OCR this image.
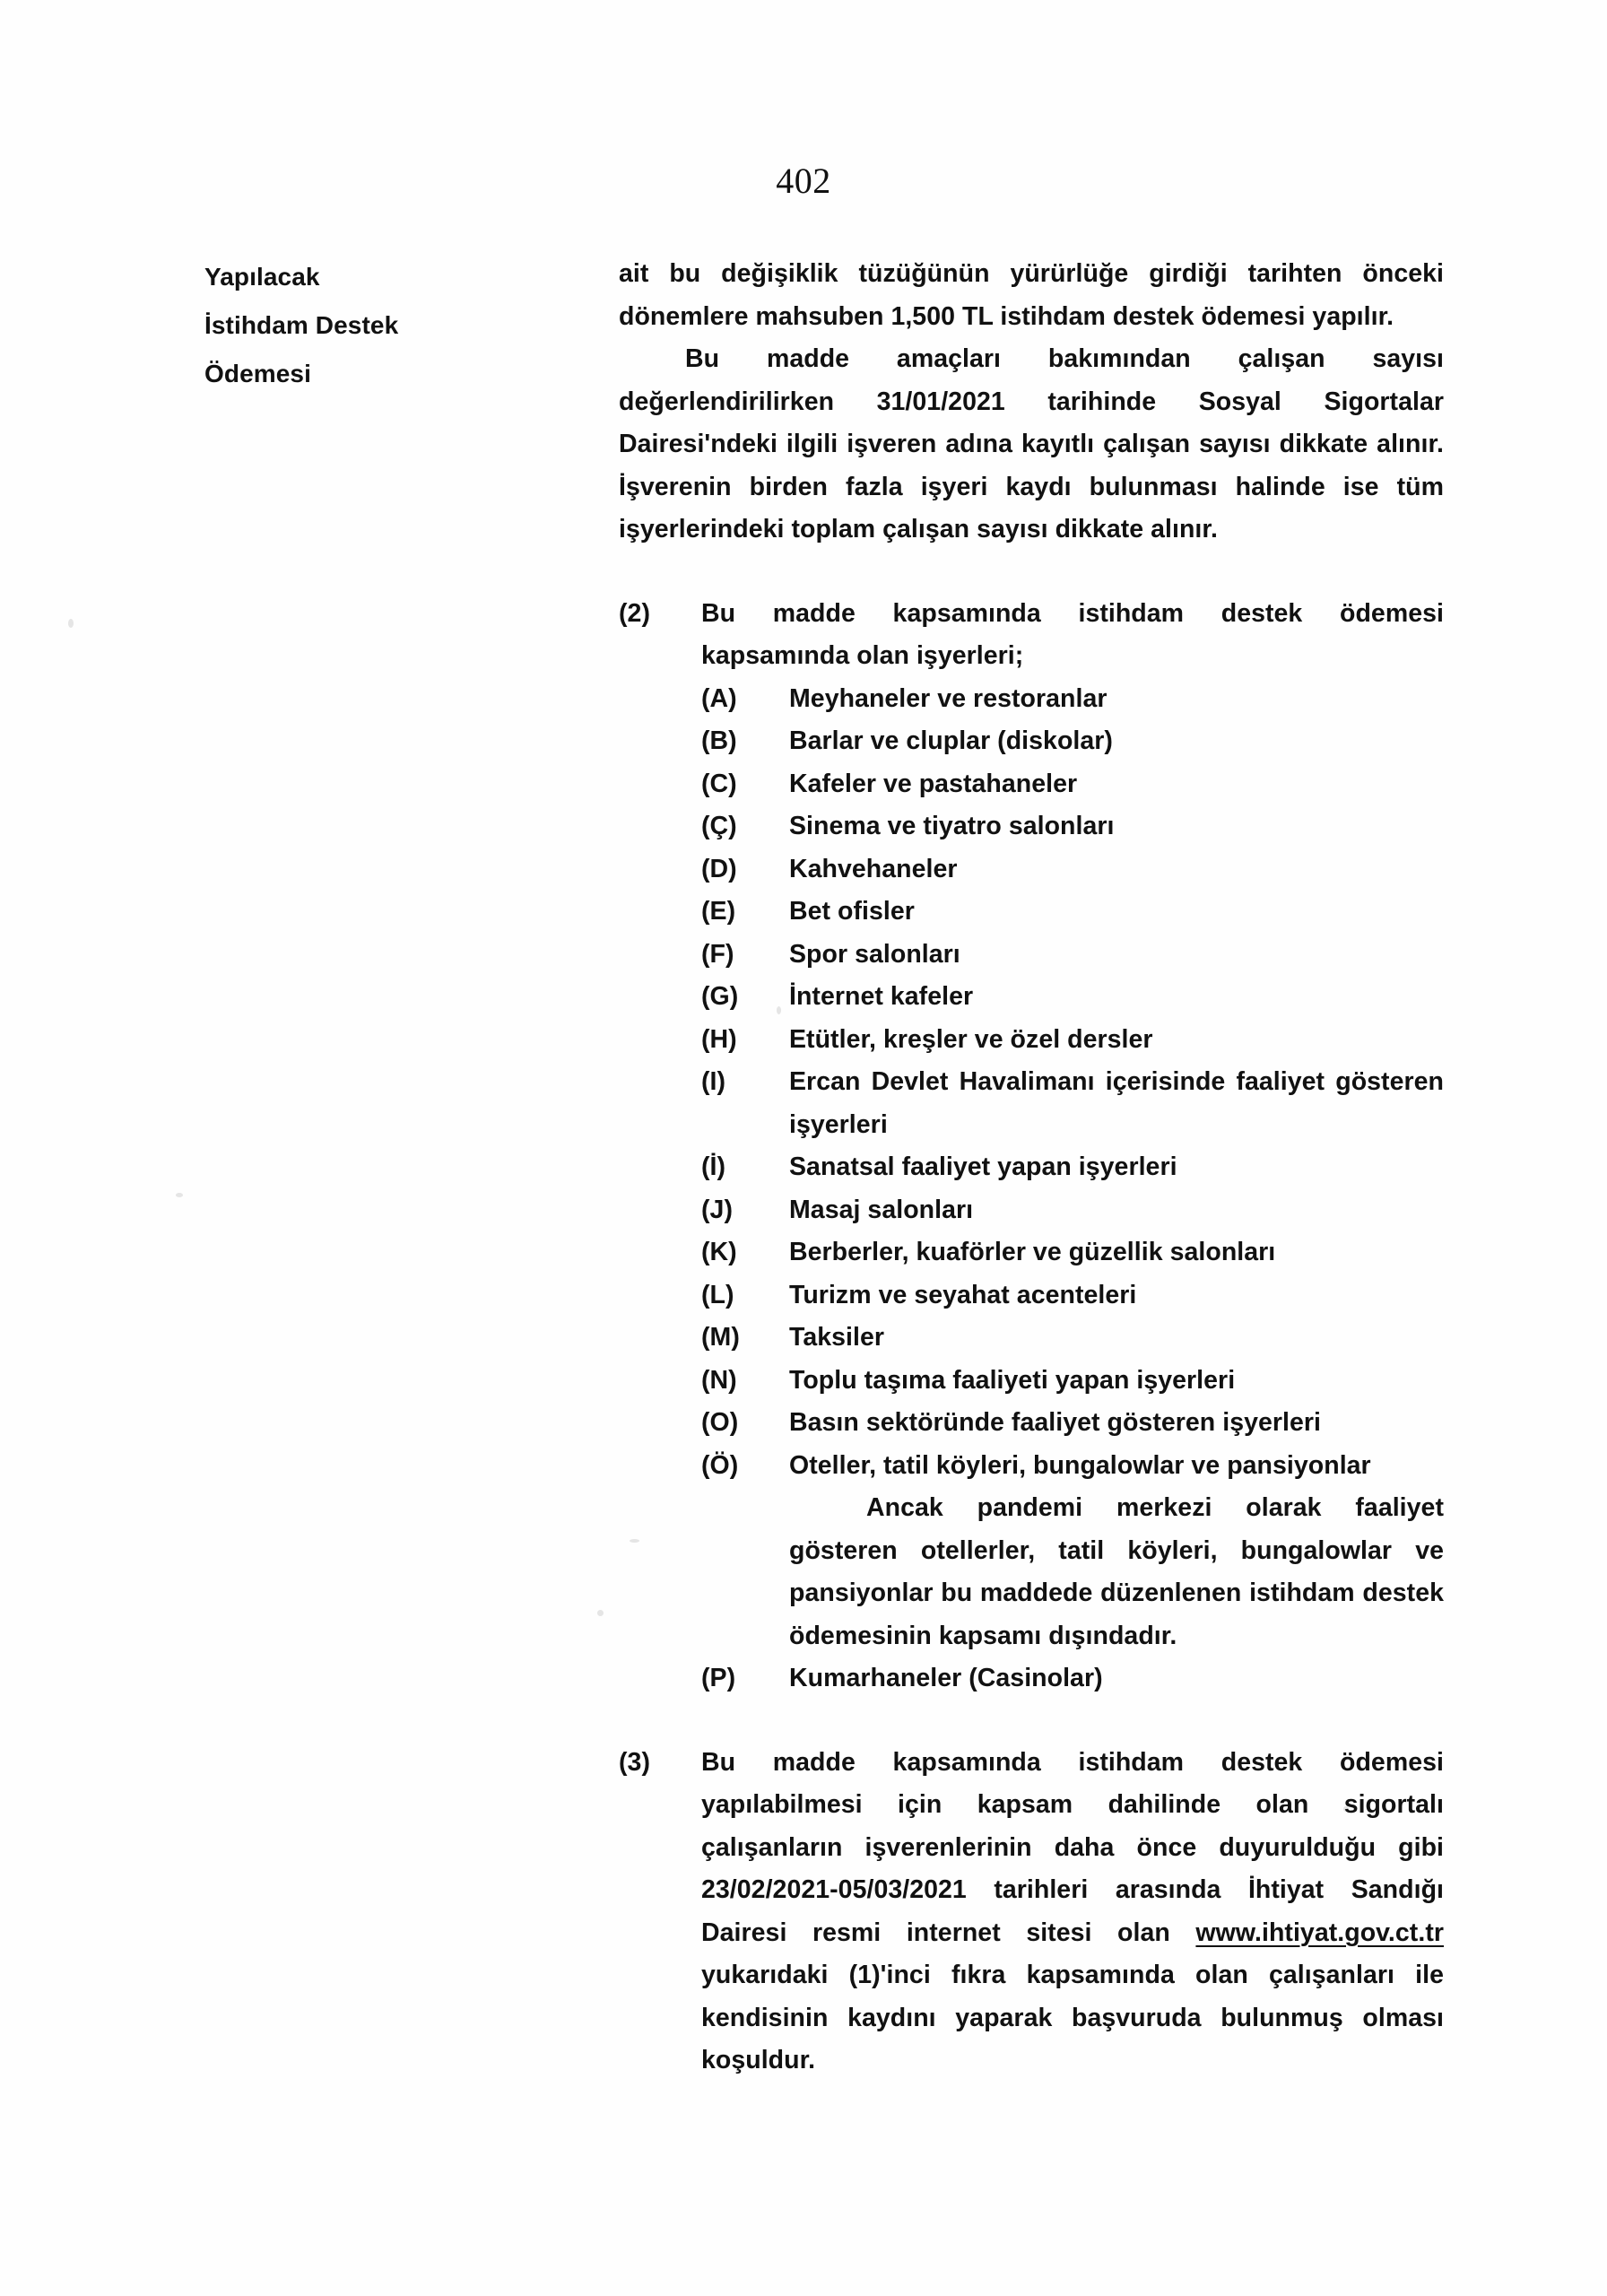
402
Yapılacak
İstihdam Destek
Ödemesi

ait bu değişiklik tüzüğünün yürürlüğe girdiği tarihten önceki dönemlere mahsuben 1,500 TL istihdam destek ödemesi yapılır.

Bu madde amaçları bakımından çalışan sayısı değerlendirilirken 31/01/2021 tarihinde Sosyal Sigortalar Dairesi'ndeki ilgili işveren adına kayıtlı çalışan sayısı dikkate alınır. İşverenin birden fazla işyeri kaydı bulunması halinde ise tüm işyerlerindeki toplam çalışan sayısı dikkate alınır.

(2)	Bu madde kapsamında istihdam destek ödemesi kapsamında olan işyerleri;

(A)	Meyhaneler ve restoranlar
(B)	Barlar ve cluplar (diskolar)
(C)	Kafeler ve pastahaneler
(Ç)	Sinema ve tiyatro salonları
(D)	Kahvehaneler
(E)	Bet ofisler
(F)	Spor salonları
(G)	İnternet kafeler
(H)	Etütler, kreşler ve özel dersler
(I)	Ercan Devlet Havalimanı içerisinde faaliyet gösteren işyerleri
(İ)	Sanatsal faaliyet yapan işyerleri
(J)	Masaj salonları
(K)	Berberler, kuaförler ve güzellik salonları
(L)	Turizm ve seyahat acenteleri
(M)	Taksiler
(N)	Toplu taşıma faaliyeti yapan işyerleri
(O)	Basın sektöründe faaliyet gösteren işyerleri
(Ö)	Oteller, tatil köyleri, bungalowlar ve pansiyonlar

Ancak pandemi merkezi olarak faaliyet gösteren otellerler, tatil köyleri, bungalowlar ve pansiyonlar bu maddede düzenlenen istihdam destek ödemesinin kapsamı dışındadır.

(P)	Kumarhaneler (Casinolar)
(3)	Bu madde kapsamında istihdam destek ödemesi yapılabilmesi için kapsam dahilinde olan sigortalı çalışanların işverenlerinin daha önce duyurulduğu gibi 23/02/2021-05/03/2021 tarihleri arasında İhtiyat Sandığı Dairesi resmi internet sitesi olan www.ihtiyat.gov.ct.tr yukarıdaki (1)'inci fıkra kapsamında olan çalışanları ile kendisinin kaydını yaparak başvuruda bulunmuş olması koşuldur.
